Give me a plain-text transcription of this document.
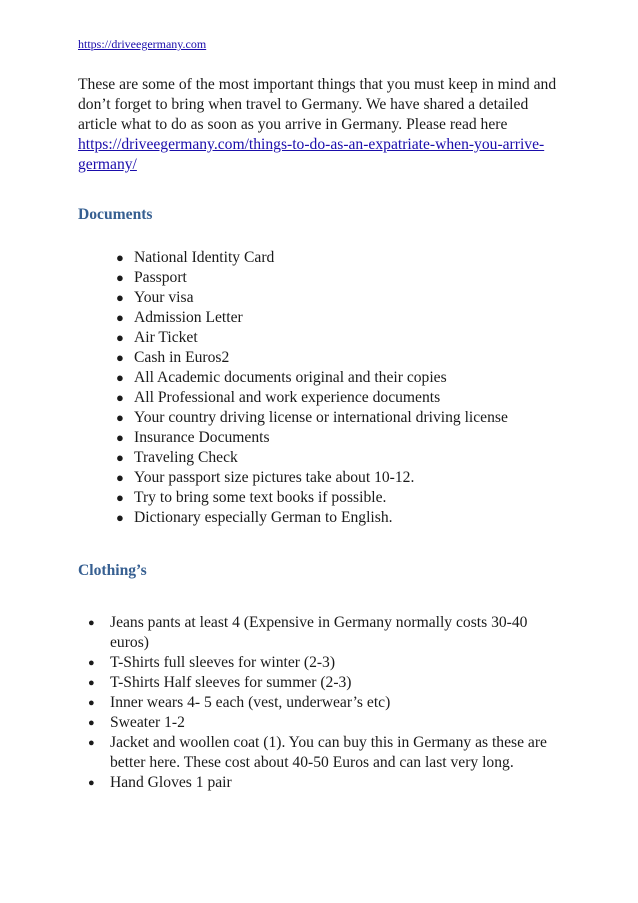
https://driveegermany.com

These are some of the most important things that you must keep in mind and don’t forget to bring when travel to Germany. We have shared a detailed article what to do as soon as you arrive in Germany. Please read here https://driveegermany.com/things-to-do-as-an-expatriate-when-you-arrive-germany/

Documents
● National Identity Card
● Passport
● Your visa
● Admission Letter
● Air Ticket
● Cash in Euros2
● All Academic documents original and their copies
● All Professional and work experience documents
● Your country driving license or international driving license
● Insurance Documents
● Traveling Check
● Your passport size pictures take about 10-12.
● Try to bring some text books if possible.
● Dictionary especially German to English.
Clothing’s
● Jeans pants at least 4 (Expensive in Germany normally costs 30-40 euros)
● T-Shirts full sleeves for winter (2-3)
● T-Shirts Half sleeves for summer (2-3)
● Inner wears 4- 5 each (vest, underwear’s etc)
● Sweater 1-2
● Jacket and woollen coat (1). You can buy this in Germany as these are better here. These cost about 40-50 Euros and can last very long.
● Hand Gloves 1 pair
